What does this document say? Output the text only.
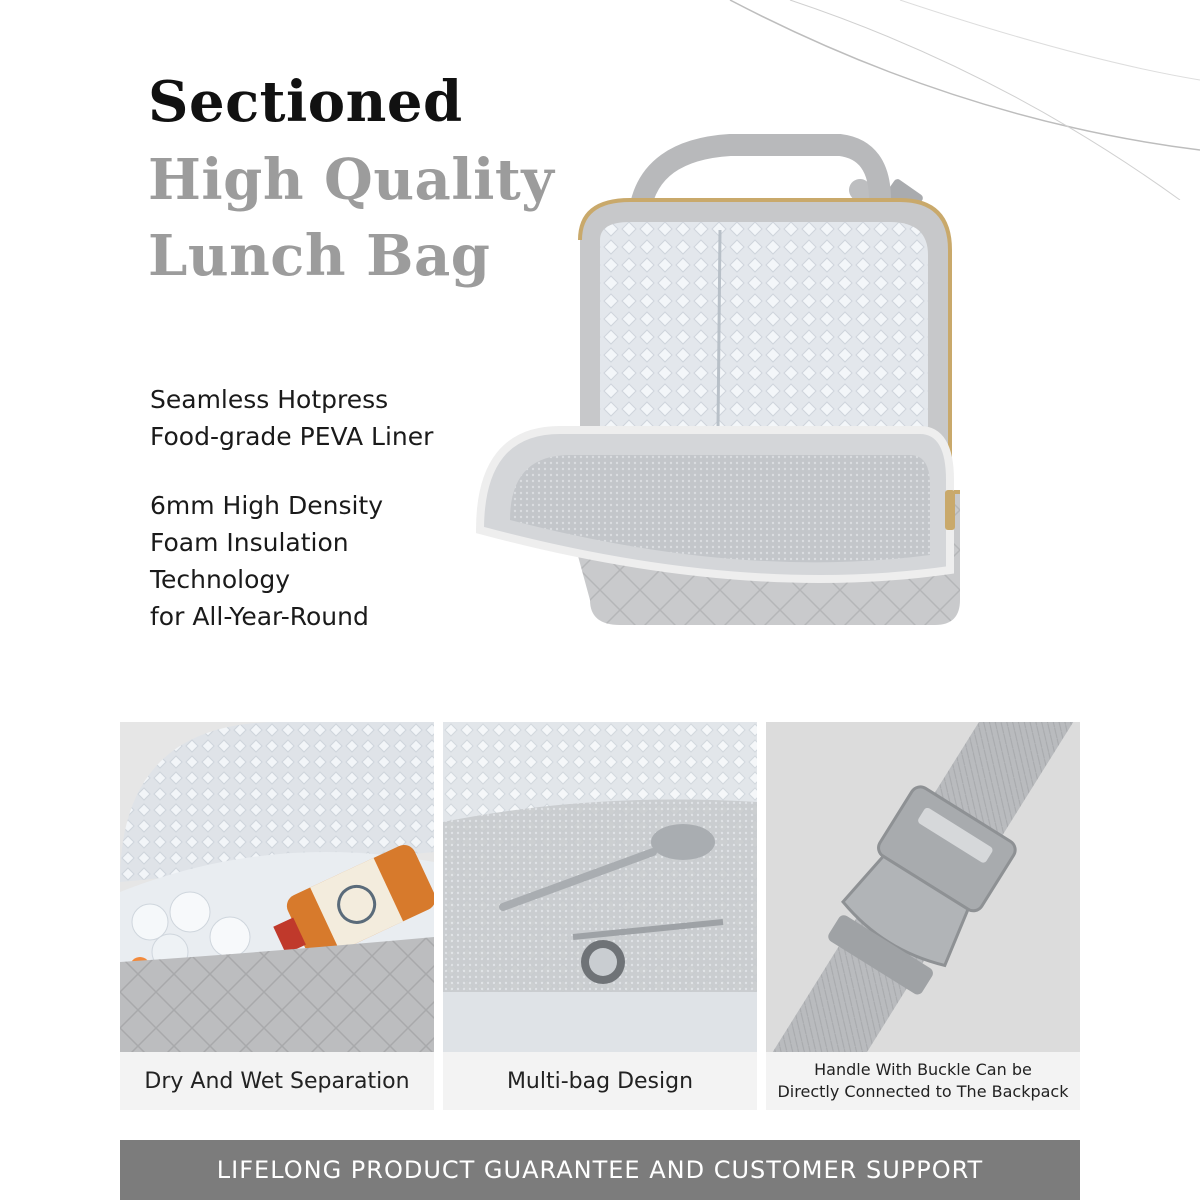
Sectioned
High Quality
Lunch Bag
Seamless Hotpress
Food-grade PEVA Liner
6mm High Density
Foam Insulation
Technology
for All-Year-Round
Dry And Wet Separation	Multi-bag Design	Handle With Buckle Can be
Directly Connected to The Backpack
LIFELONG PRODUCT GUARANTEE AND CUSTOMER SUPPORT
